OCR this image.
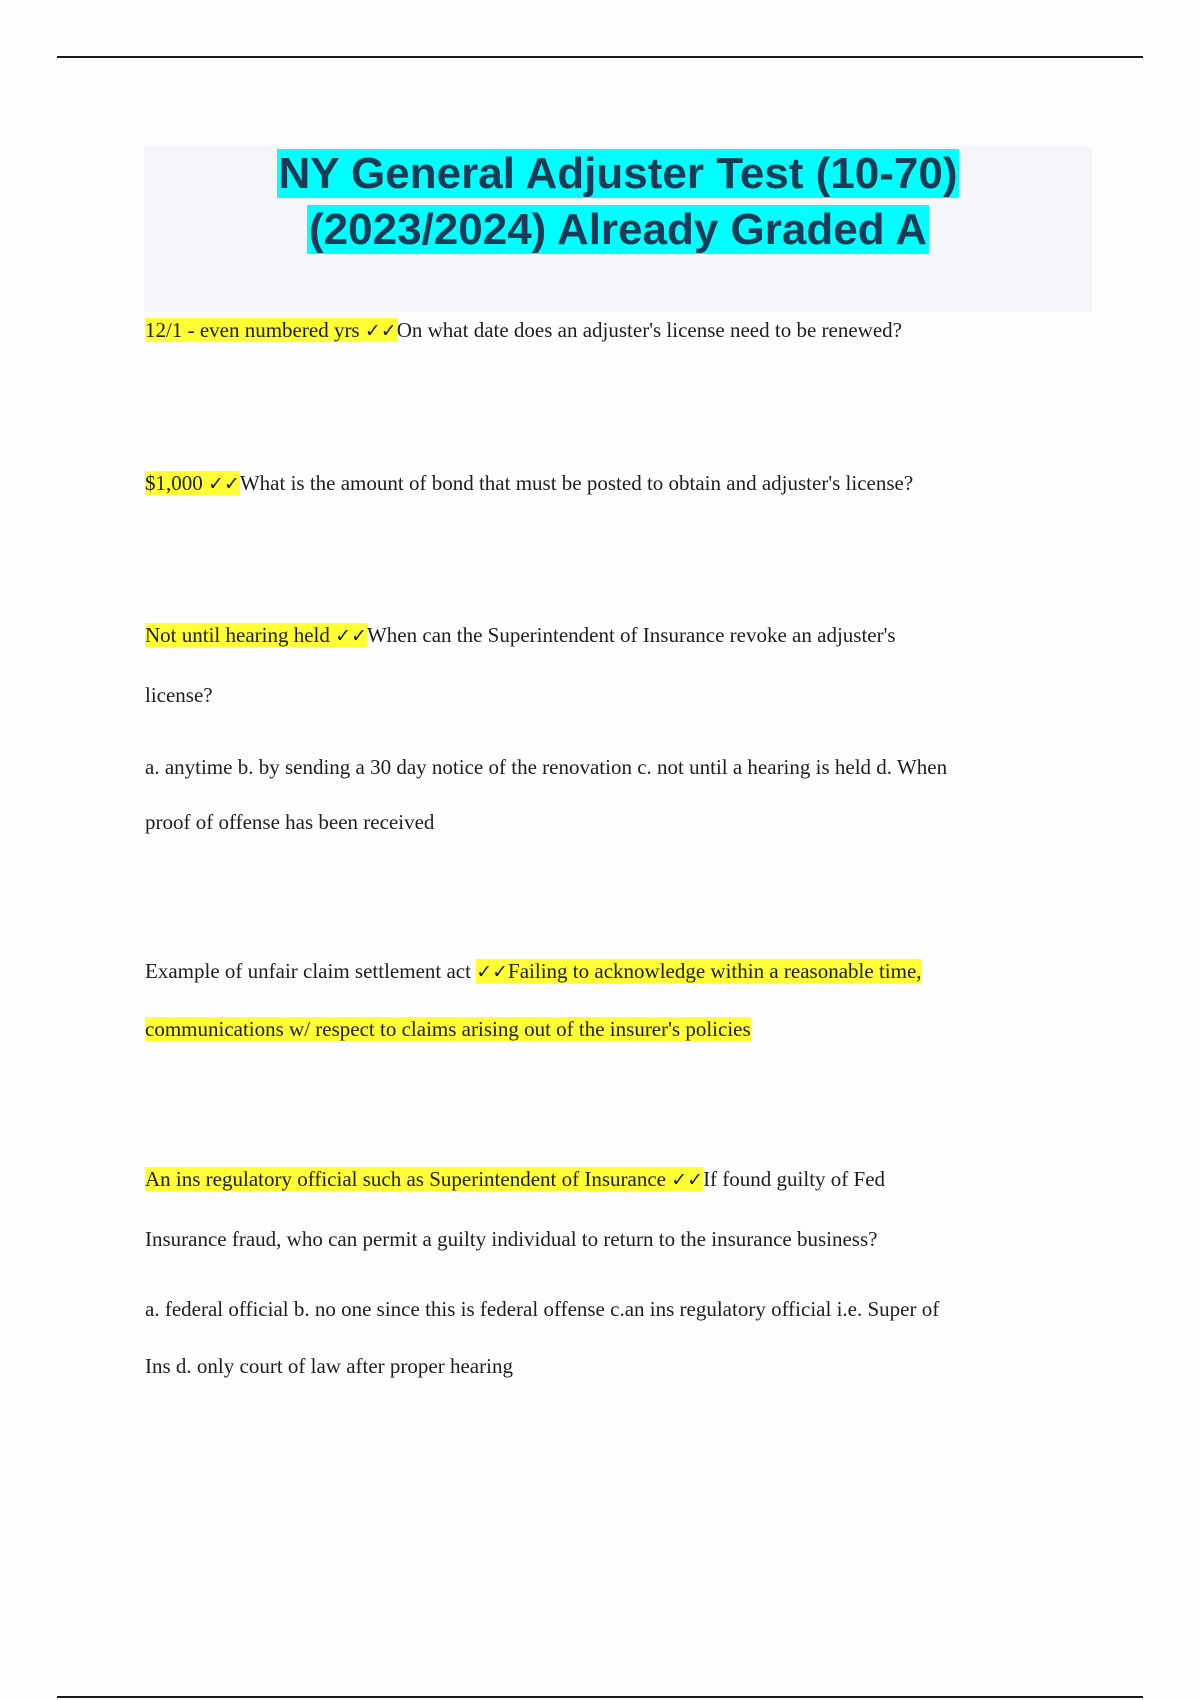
NY General Adjuster Test (10-70)
(2023/2024) Already Graded A
12/1 - even numbered yrs ✓✓On what date does an adjuster's license need to be renewed?
$1,000 ✓✓What is the amount of bond that must be posted to obtain and adjuster's license?
Not until hearing held ✓✓When can the Superintendent of Insurance revoke an adjuster's
license?
a. anytime b. by sending a 30 day notice of the renovation c. not until a hearing is held d. When
proof of offense has been received
Example of unfair claim settlement act ✓✓Failing to acknowledge within a reasonable time,
communications w/ respect to claims arising out of the insurer's policies
An ins regulatory official such as Superintendent of Insurance ✓✓If found guilty of Fed
Insurance fraud, who can permit a guilty individual to return to the insurance business?
a. federal official b. no one since this is federal offense c.an ins regulatory official i.e. Super of
Ins d. only court of law after proper hearing
